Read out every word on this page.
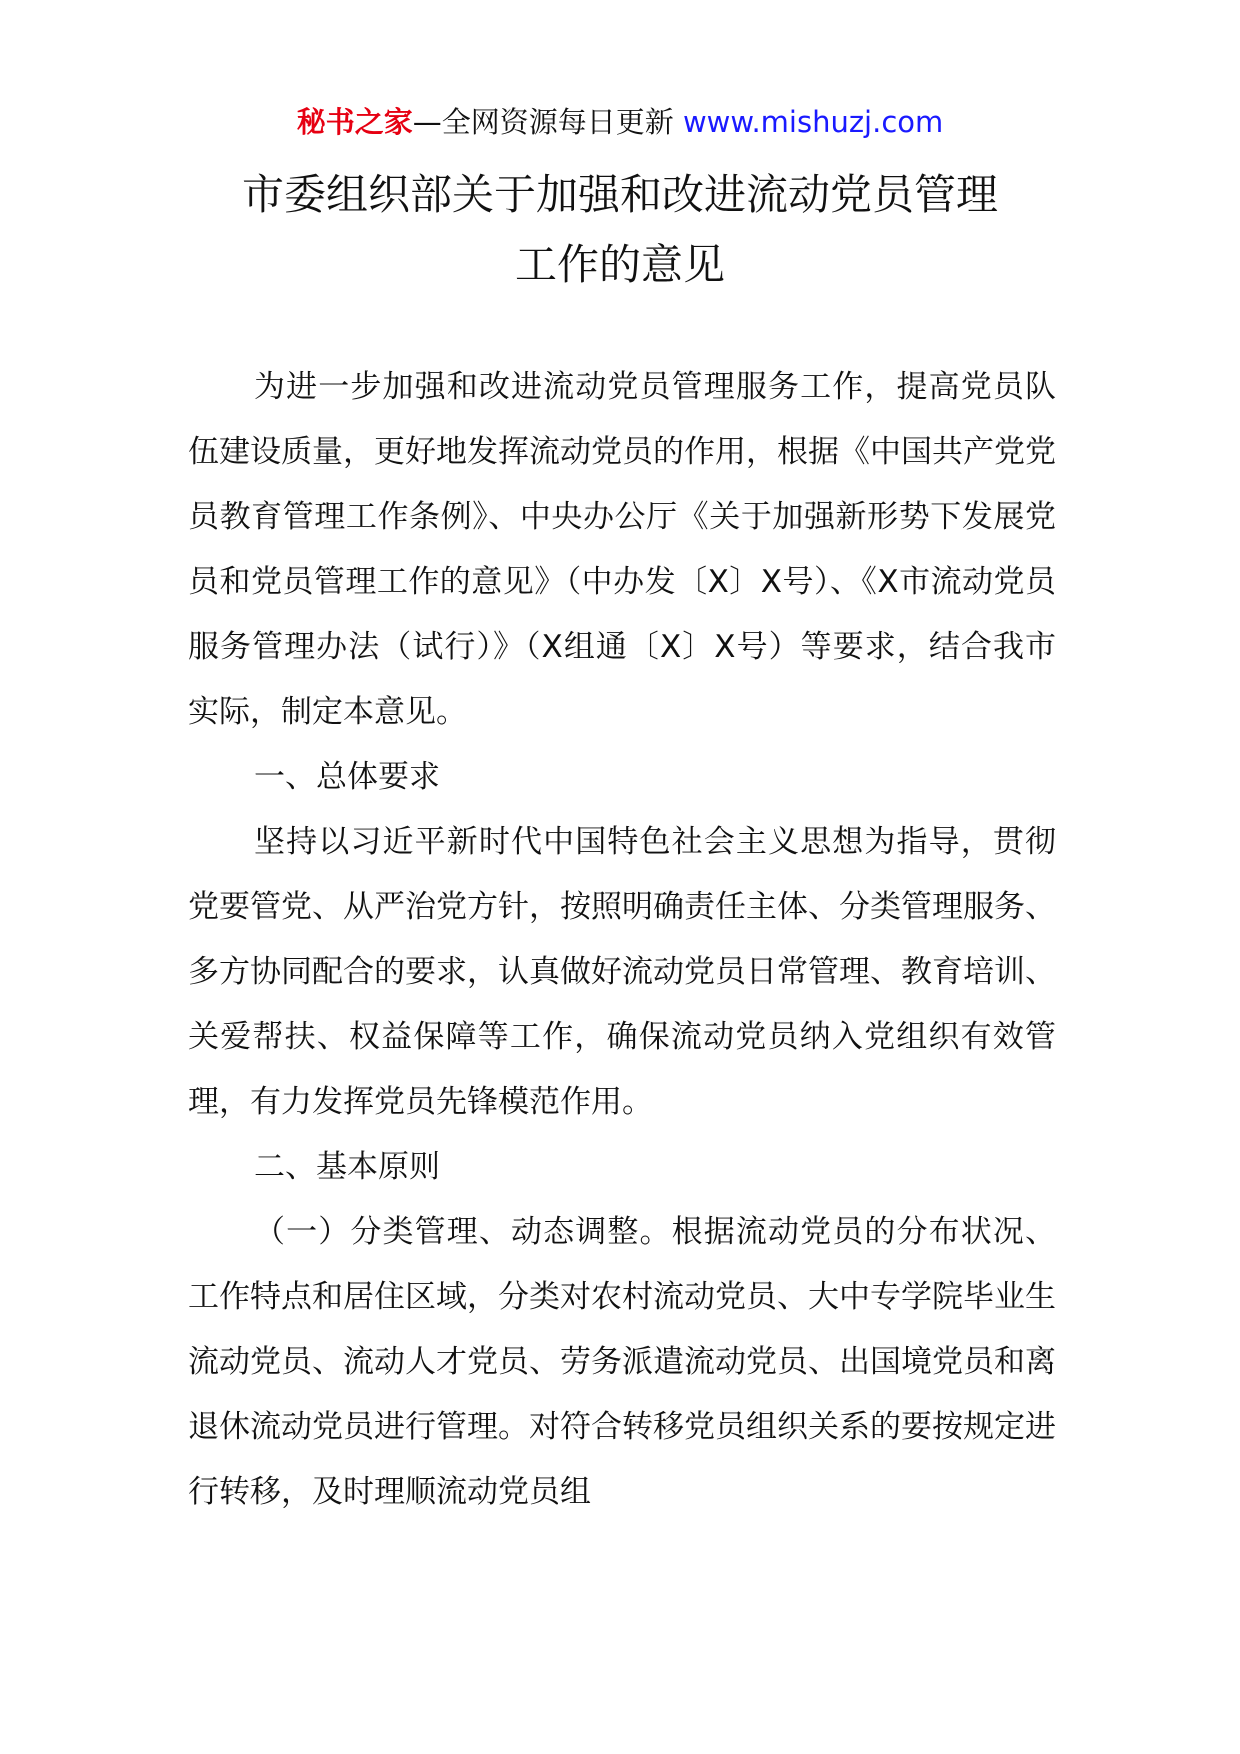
秘书之家—全网资源每日更新 www.mishuzj.com
市委组织部关于加强和改进流动党员管理
工作的意见

为进一步加强和改进流动党员管理服务工作，提高党员队伍建设质量，更好地发挥流动党员的作用，根据《中国共产党党员教育管理工作条例》、中央办公厅《关于加强新形势下发展党员和党员管理工作的意见》（中办发〔X〕X号）、《X市流动党员服务管理办法（试行）》（X组通〔X〕X号）等要求，结合我市实际，制定本意见。

一、总体要求

坚持以习近平新时代中国特色社会主义思想为指导，贯彻党要管党、从严治党方针，按照明确责任主体、分类管理服务、多方协同配合的要求，认真做好流动党员日常管理、教育培训、关爱帮扶、权益保障等工作，确保流动党员纳入党组织有效管理，有力发挥党员先锋模范作用。

二、基本原则

（一）分类管理、动态调整。根据流动党员的分布状况、工作特点和居住区域，分类对农村流动党员、大中专学院毕业生流动党员、流动人才党员、劳务派遣流动党员、出国境党员和离退休流动党员进行管理。对符合转移党员组织关系的要按规定进行转移，及时理顺流动党员组
